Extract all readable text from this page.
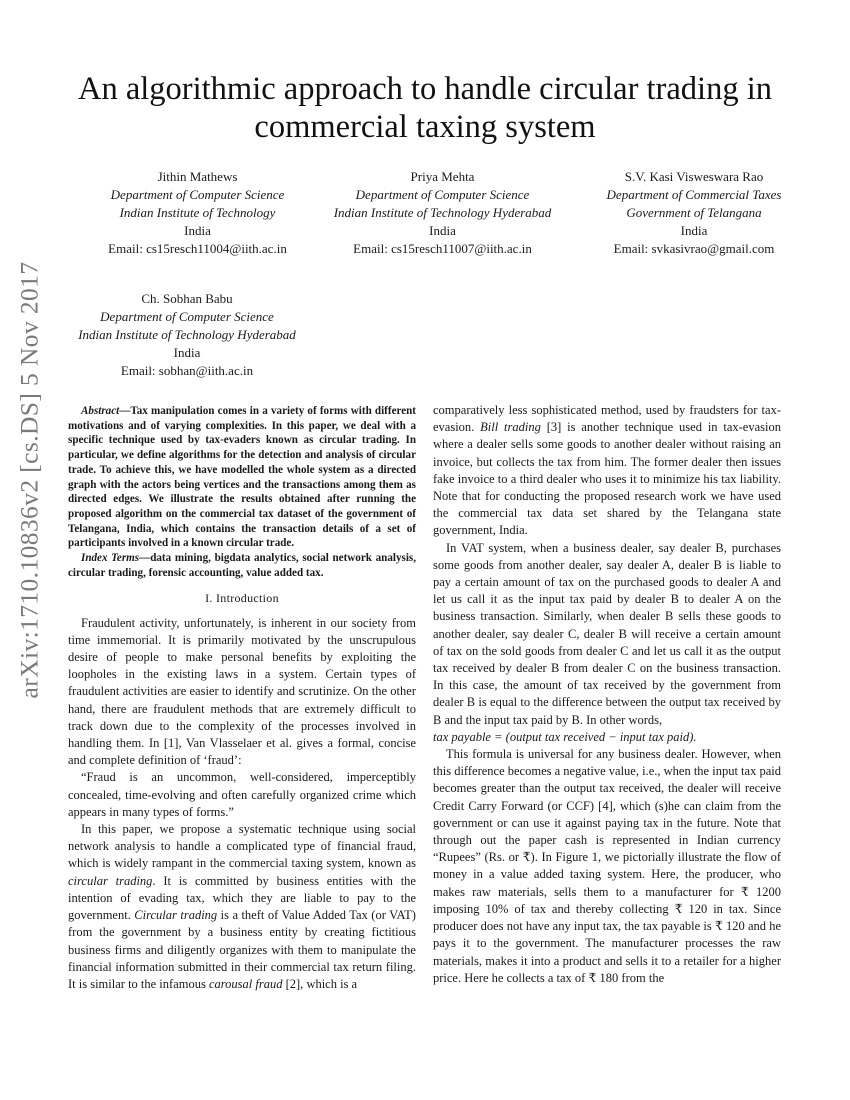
arXiv:1710.10836v2 [cs.DS] 5 Nov 2017
An algorithmic approach to handle circular trading in commercial taxing system
Jithin Mathews
Department of Computer Science
Indian Institute of Technology
India
Email: cs15resch11004@iith.ac.in
Priya Mehta
Department of Computer Science
Indian Institute of Technology Hyderabad
India
Email: cs15resch11007@iith.ac.in
S.V. Kasi Visweswara Rao
Department of Commercial Taxes
Government of Telangana
India
Email: svkasivrao@gmail.com
Ch. Sobhan Babu
Department of Computer Science
Indian Institute of Technology Hyderabad
India
Email: sobhan@iith.ac.in

Abstract—Tax manipulation comes in a variety of forms with different motivations and of varying complexities. In this paper, we deal with a specific technique used by tax-evaders known as circular trading. In particular, we define algorithms for the detection and analysis of circular trade. To achieve this, we have modelled the whole system as a directed graph with the actors being vertices and the transactions among them as directed edges. We illustrate the results obtained after running the proposed algorithm on the commercial tax dataset of the government of Telangana, India, which contains the transaction details of a set of participants involved in a known circular trade.

Index Terms—data mining, bigdata analytics, social network analysis, circular trading, forensic accounting, value added tax.

I. Introduction

Fraudulent activity, unfortunately, is inherent in our society from time immemorial. It is primarily motivated by the unscrupulous desire of people to make personal benefits by exploiting the loopholes in the existing laws in a system. Certain types of fraudulent activities are easier to identify and scrutinize. On the other hand, there are fraudulent methods that are extremely difficult to track down due to the complexity of the processes involved in handling them. In [1], Van Vlasselaer et al. gives a formal, concise and complete definition of ‘fraud’:

“Fraud is an uncommon, well-considered, imperceptibly concealed, time-evolving and often carefully organized crime which appears in many types of forms.”

In this paper, we propose a systematic technique using social network analysis to handle a complicated type of financial fraud, which is widely rampant in the commercial taxing system, known as circular trading. It is committed by business entities with the intention of evading tax, which they are liable to pay to the government. Circular trading is a theft of Value Added Tax (or VAT) from the government by a business entity by creating fictitious business firms and diligently organizes with them to manipulate the financial information submitted in their commercial tax return filing. It is similar to the infamous carousal fraud [2], which is a

comparatively less sophisticated method, used by fraudsters for tax-evasion. Bill trading [3] is another technique used in tax-evasion where a dealer sells some goods to another dealer without raising an invoice, but collects the tax from him. The former dealer then issues fake invoice to a third dealer who uses it to minimize his tax liability. Note that for conducting the proposed research work we have used the commercial tax data set shared by the Telangana state government, India.

In VAT system, when a business dealer, say dealer B, purchases some goods from another dealer, say dealer A, dealer B is liable to pay a certain amount of tax on the purchased goods to dealer A and let us call it as the input tax paid by dealer B to dealer A on the business transaction. Similarly, when dealer B sells these goods to another dealer, say dealer C, dealer B will receive a certain amount of tax on the sold goods from dealer C and let us call it as the output tax received by dealer B from dealer C on the business transaction. In this case, the amount of tax received by the government from dealer B is equal to the difference between the output tax received by B and the input tax paid by B. In other words,

tax payable = (output tax received − input tax paid).

This formula is universal for any business dealer. However, when this difference becomes a negative value, i.e., when the input tax paid becomes greater than the output tax received, the dealer will receive Credit Carry Forward (or CCF) [4], which (s)he can claim from the government or can use it against paying tax in the future. Note that through out the paper cash is represented in Indian currency “Rupees” (Rs. or ₹). In Figure 1, we pictorially illustrate the flow of money in a value added taxing system. Here, the producer, who makes raw materials, sells them to a manufacturer for ₹ 1200 imposing 10% of tax and thereby collecting ₹ 120 in tax. Since producer does not have any input tax, the tax payable is ₹ 120 and he pays it to the government. The manufacturer processes the raw materials, makes it into a product and sells it to a retailer for a higher price. Here he collects a tax of ₹ 180 from the
